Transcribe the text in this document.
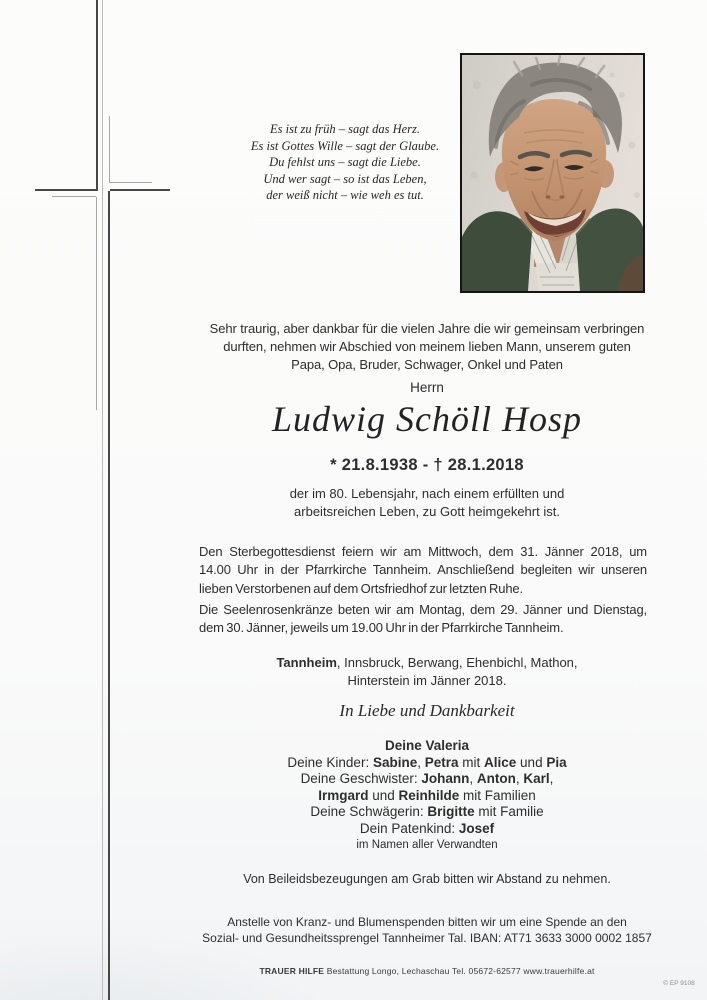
Es ist zu früh – sagt das Herz.
Es ist Gottes Wille – sagt der Glaube.
Du fehlst uns – sagt die Liebe.
Und wer sagt – so ist das Leben,
der weiß nicht – wie weh es tut.
Sehr traurig, aber dankbar für die vielen Jahre die wir gemeinsam verbringen
durften, nehmen wir Abschied von meinem lieben Mann, unserem guten
Papa, Opa, Bruder, Schwager, Onkel und Paten
Herrn
Ludwig Schöll Hosp
* 21.8.1938 - † 28.1.2018
der im 80. Lebensjahr, nach einem erfüllten und
arbeitsreichen Leben, zu Gott heimgekehrt ist.
Den Sterbegottesdienst feiern wir am Mittwoch, dem 31. Jänner 2018, um
14.00 Uhr in der Pfarrkirche Tannheim. Anschließend begleiten wir unseren
lieben Verstorbenen auf dem Ortsfriedhof zur letzten Ruhe.
Die Seelenrosenkränze beten wir am Montag, dem 29. Jänner und Dienstag,
dem 30. Jänner, jeweils um 19.00 Uhr in der Pfarrkirche Tannheim.
Tannheim, Innsbruck, Berwang, Ehenbichl, Mathon,
Hinterstein im Jänner 2018.
In Liebe und Dankbarkeit
Deine Valeria
Deine Kinder: Sabine, Petra mit Alice und Pia
Deine Geschwister: Johann, Anton, Karl,
Irmgard und Reinhilde mit Familien
Deine Schwägerin: Brigitte mit Familie
Dein Patenkind: Josef
im Namen aller Verwandten
Von Beileidsbezeugungen am Grab bitten wir Abstand zu nehmen.
Anstelle von Kranz- und Blumenspenden bitten wir um eine Spende an den
Sozial- und Gesundheitssprengel Tannheimer Tal. IBAN: AT71 3633 3000 0002 1857
TRAUER HILFE Bestattung Longo, Lechaschau Tel. 05672-62577 www.trauerhilfe.at
© EP 9108
